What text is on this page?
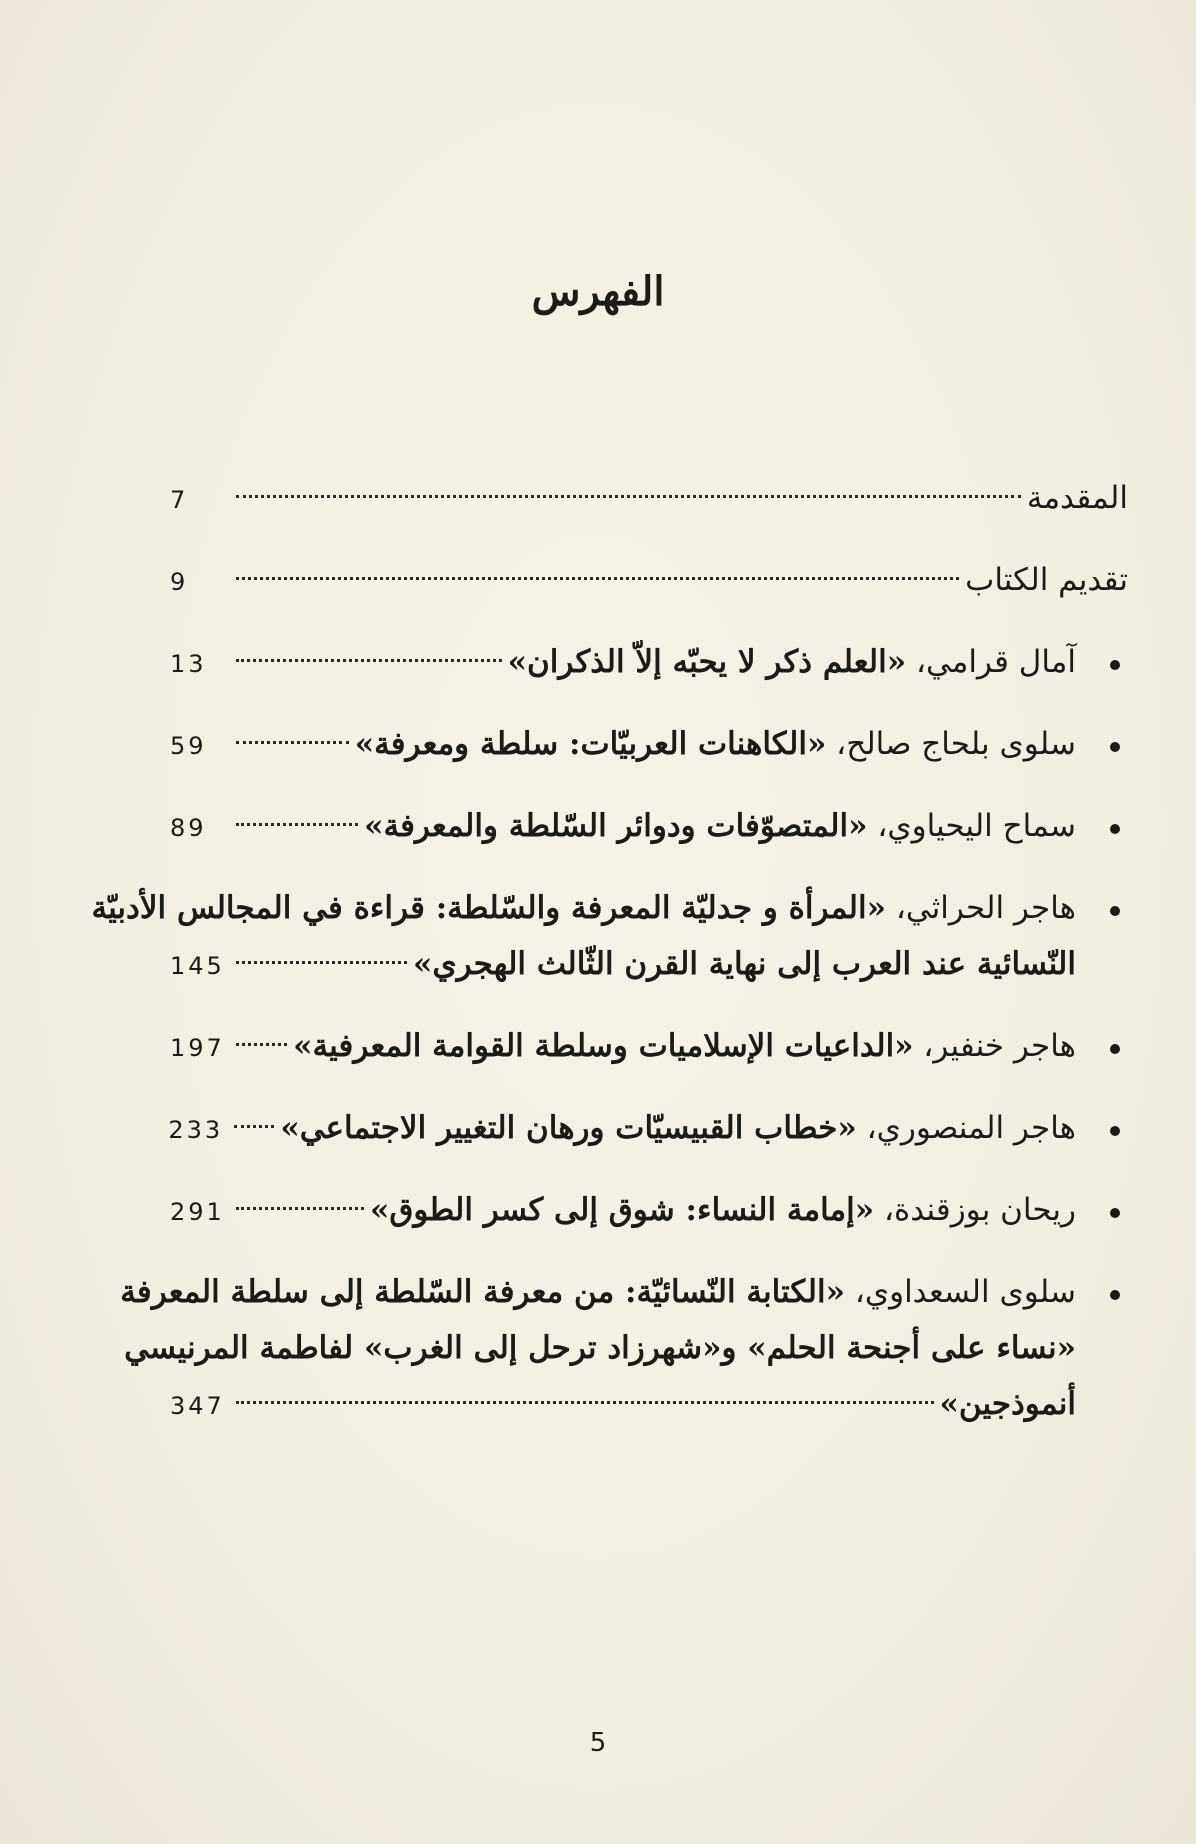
الفهرس
المقدمة
7
تقديم الكتاب
9
آمال قرامي، «العلم ذكر لا يحبّه إلاّ الذكران»
13
سلوى بلحاج صالح، «الكاهنات العربيّات: سلطة ومعرفة»
59
سماح اليحياوي، «المتصوّفات ودوائر السّلطة والمعرفة»
89
هاجر الحراثي، «المرأة و جدليّة المعرفة والسّلطة: قراءة في المجالس الأدبيّة
النّسائية عند العرب إلى نهاية القرن الثّالث الهجري»
145
هاجر خنفير، «الداعيات الإسلاميات وسلطة القوامة المعرفية»
197
هاجر المنصوري، «خطاب القبيسيّات ورهان التغيير الاجتماعي»
233
ريحان بوزقندة، «إمامة النساء: شوق إلى كسر الطوق»
291
سلوى السعداوي، «الكتابة النّسائيّة: من معرفة السّلطة إلى سلطة المعرفة
«نساء على أجنحة الحلم» و«شهرزاد ترحل إلى الغرب» لفاطمة المرنيسي
أنموذجين»
347
5
